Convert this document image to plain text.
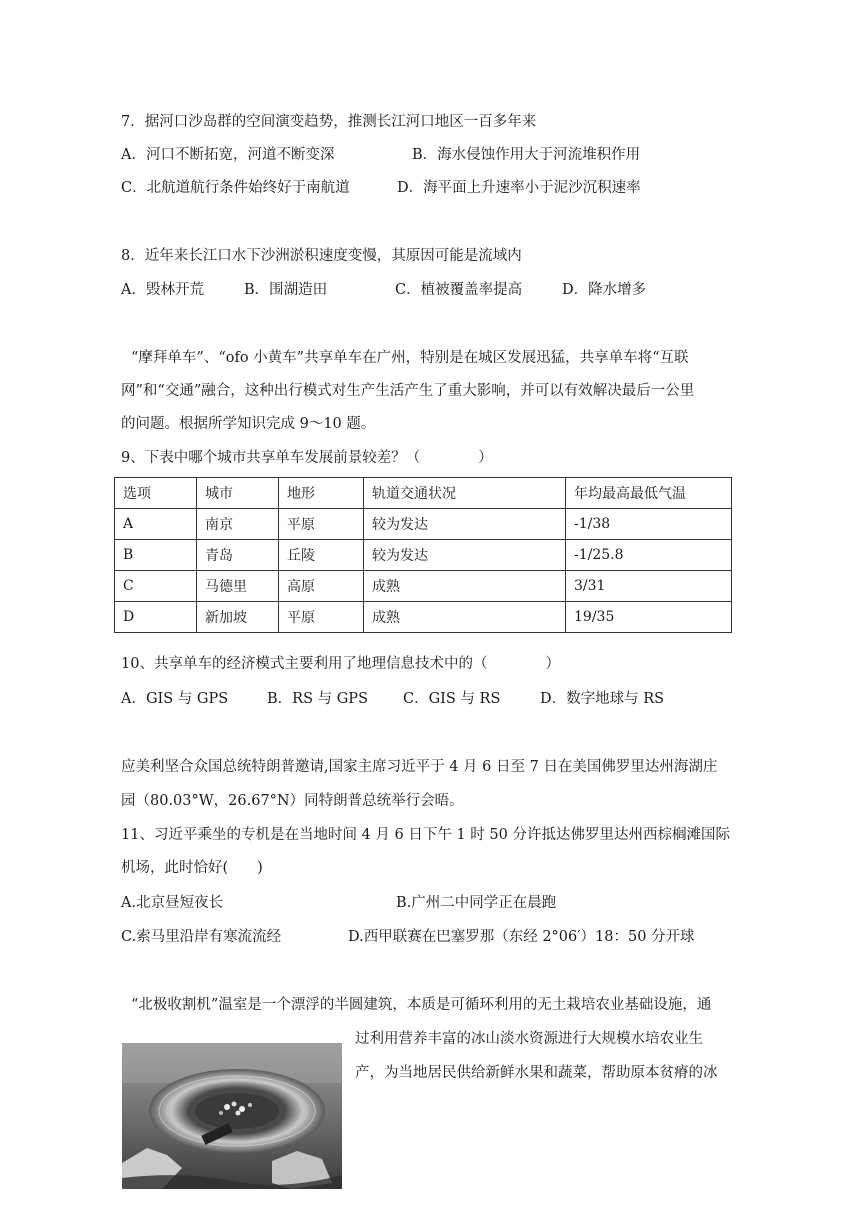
7．据河口沙岛群的空间演变趋势，推测长江河口地区一百多年来
A．河口不断拓宽，河道不断变深	B．海水侵蚀作用大于河流堆积作用
C．北航道航行条件始终好于南航道	D．海平面上升速率小于泥沙沉积速率
8．近年来长江口水下沙洲淤积速度变慢，其原因可能是流域内
A．毁林开荒	B．围湖造田	C．植被覆盖率提高	D．降水增多
“摩拜单车”、“ofo 小黄车”共享单车在广州，特别是在城区发展迅猛，共享单车将“互联
网”和“交通”融合，这种出行模式对生产生活产生了重大影响，并可以有效解决最后一公里
的问题。根据所学知识完成 9～10 题。
9、下表中哪个城市共享单车发展前景较差？（　　　　）
选项	城市	地形	轨道交通状况	年均最高最低气温
A	南京	平原	较为发达	-1/38
B	青岛	丘陵	较为发达	-1/25.8
C	马德里	高原	成熟	3/31
D	新加坡	平原	成熟	19/35
10、共享单车的经济模式主要利用了地理信息技术中的（　　　　）
A．GIS 与 GPS	B．RS 与 GPS C．GIS 与 RS	D．数字地球与 RS
应美利坚合众国总统特朗普邀请,国家主席习近平于 4 月 6 日至 7 日在美国佛罗里达州海湖庄
园（80.03°W，26.67°N）同特朗普总统举行会晤。
11、习近平乘坐的专机是在当地时间 4 月 6 日下午 1 时 50 分许抵达佛罗里达州西棕榈滩国际
机场，此时恰好(　　)
A.北京昼短夜长	B.广州二中同学正在晨跑
C.索马里沿岸有寒流流经	D.西甲联赛在巴塞罗那（东经 2°06′）18：50 分开球
“北极收割机”温室是一个漂浮的半圆建筑，本质是可循环利用的无土栽培农业基础设施，通
过利用营养丰富的冰山淡水资源进行大规模水培农业生
产，为当地居民供给新鲜水果和蔬菜，帮助原本贫瘠的冰
